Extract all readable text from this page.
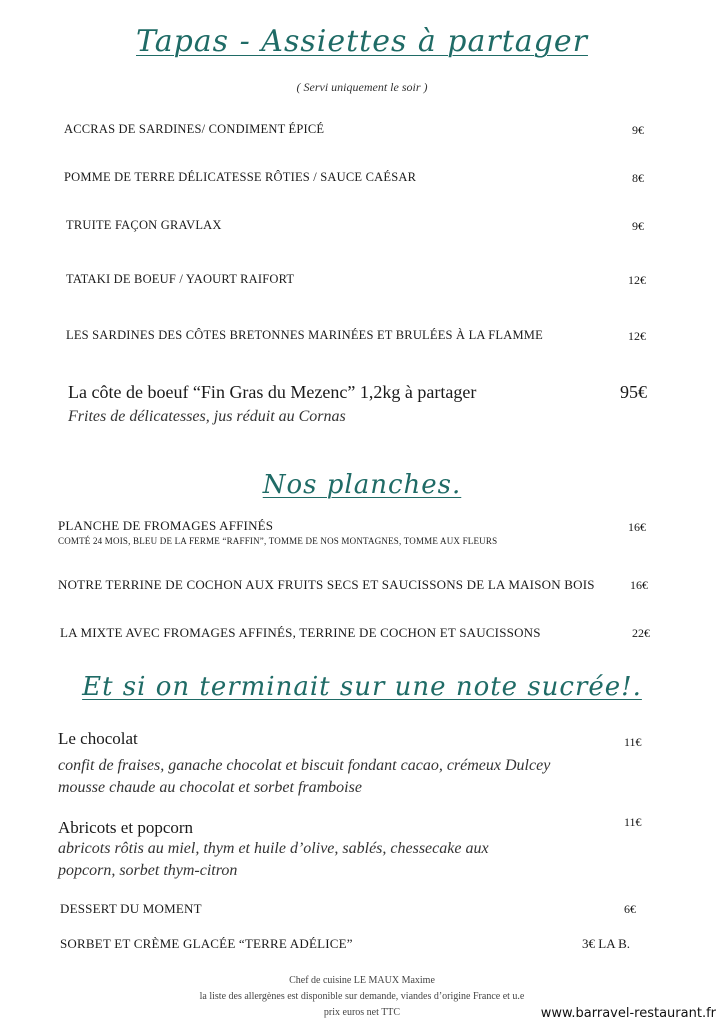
Tapas - Assiettes à partager
( Servi uniquement le soir )
ACCRAS DE SARDINES/ CONDIMENT ÉPICÉ	9€
POMME DE TERRE DÉLICATESSE RÔTIES / SAUCE CAÉSAR	8€
TRUITE FAÇON GRAVLAX	9€
TATAKI DE BOEUF / YAOURT RAIFORT	12€
LES SARDINES DES CÔTES BRETONNES MARINÉES ET BRULÉES À LA FLAMME	12€
La côte de boeuf “Fin Gras du Mezenc” 1,2kg à partager	95€
Frites de délicatesses, jus réduit au Cornas
Nos planches.
PLANCHE DE FROMAGES AFFINÉS
COMTÉ 24 MOIS, BLEU DE LA FERME “RAFFIN”, TOMME DE NOS MONTAGNES, TOMME AUX FLEURS
16€
NOTRE TERRINE DE COCHON AUX FRUITS SECS ET SAUCISSONS DE LA MAISON BOIS	16€
LA MIXTE AVEC FROMAGES AFFINÉS, TERRINE DE COCHON ET SAUCISSONS	22€
Et si on terminait sur une note sucrée!.
Le chocolat	11€
confit de fraises, ganache chocolat et biscuit fondant cacao, crémeux Dulcey
mousse chaude au chocolat et sorbet framboise
Abricots et popcorn	11€
abricots rôtis au miel, thym et huile d’olive, sablés, chessecake aux
popcorn, sorbet thym-citron
DESSERT DU MOMENT	6€
SORBET ET CRÈME GLACÉE “TERRE ADÉLICE”	3€ LA B.
Chef de cuisine LE MAUX Maxime
la liste des allergènes est disponible sur demande, viandes d’origine France et u.e
prix euros net TTC	www.barravel-restaurant.fr
